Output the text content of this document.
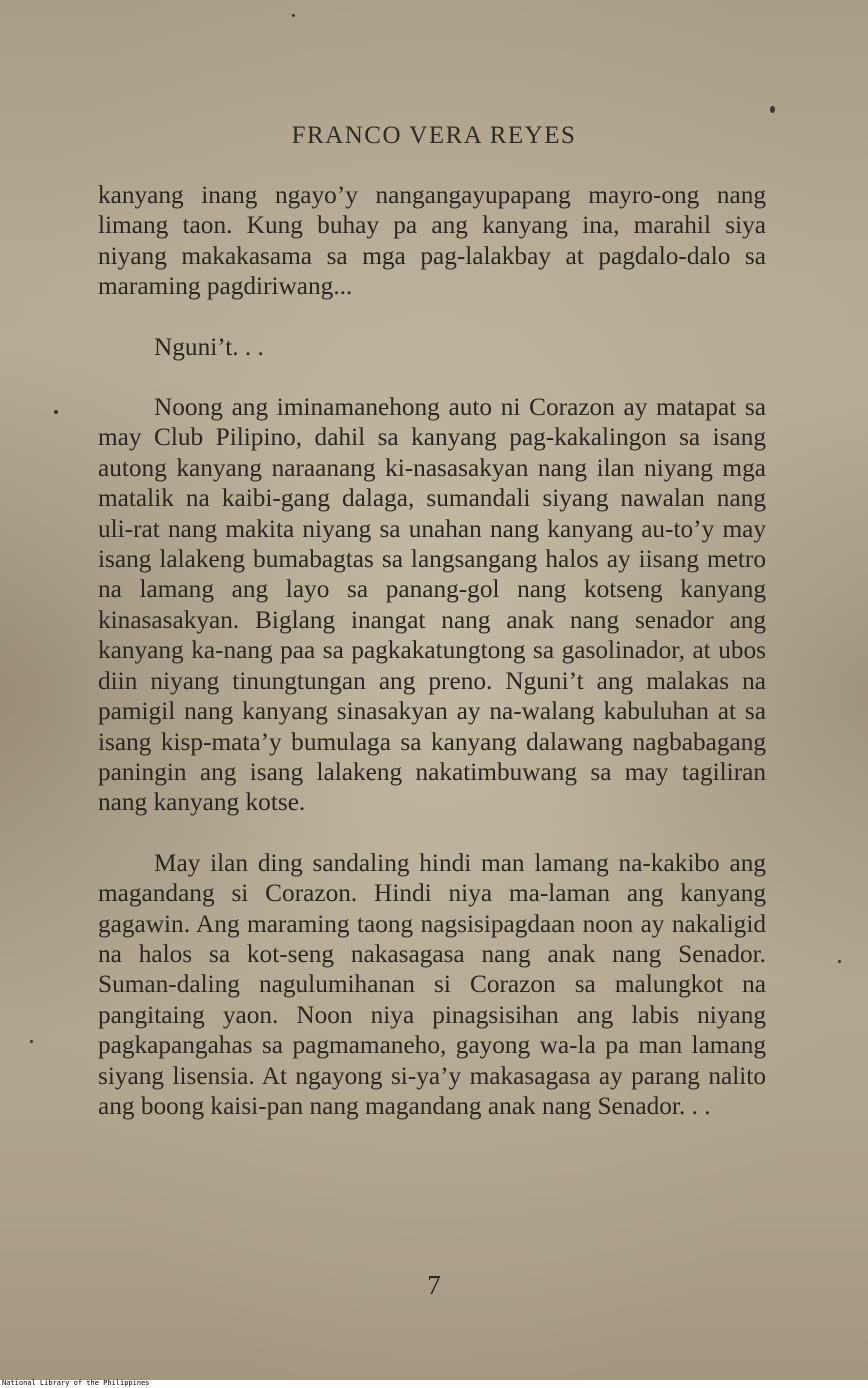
FRANCO VERA REYES

kanyang inang ngayo’y nangangayupapang mayro-ong nang limang taon. Kung buhay pa ang kanyang ina, marahil siya niyang makakasama sa mga pag-lalakbay at pagdalo-dalo sa maraming pagdiriwang...

Nguni’t. . .

Noong ang iminamanehong auto ni Corazon ay matapat sa may Club Pilipino, dahil sa kanyang pag-kakalingon sa isang autong kanyang naraanang ki-nasasakyan nang ilan niyang mga matalik na kaibi-gang dalaga, sumandali siyang nawalan nang uli-rat nang makita niyang sa unahan nang kanyang au-to’y may isang lalakeng bumabagtas sa langsangang halos ay iisang metro na lamang ang layo sa panang-gol nang kotseng kanyang kinasasakyan. Biglang inangat nang anak nang senador ang kanyang ka-nang paa sa pagkakatungtong sa gasolinador, at ubos diin niyang tinungtungan ang preno. Nguni’t ang malakas na pamigil nang kanyang sinasakyan ay na-walang kabuluhan at sa isang kisp-mata’y bumulaga sa kanyang dalawang nagbabagang paningin ang isang lalakeng nakatimbuwang sa may tagiliran nang kanyang kotse.

May ilan ding sandaling hindi man lamang na-kakibo ang magandang si Corazon. Hindi niya ma-laman ang kanyang gagawin. Ang maraming taong nagsisipagdaan noon ay nakaligid na halos sa kot-seng nakasagasa nang anak nang Senador. Suman-daling nagulumihanan si Corazon sa malungkot na pangitaing yaon. Noon niya pinagsisihan ang labis niyang pagkapangahas sa pagmamaneho, gayong wa-la pa man lamang siyang lisensia. At ngayong si-ya’y makasagasa ay parang nalito ang boong kaisi-pan nang magandang anak nang Senador. . .

7
National Library of the Philippines
